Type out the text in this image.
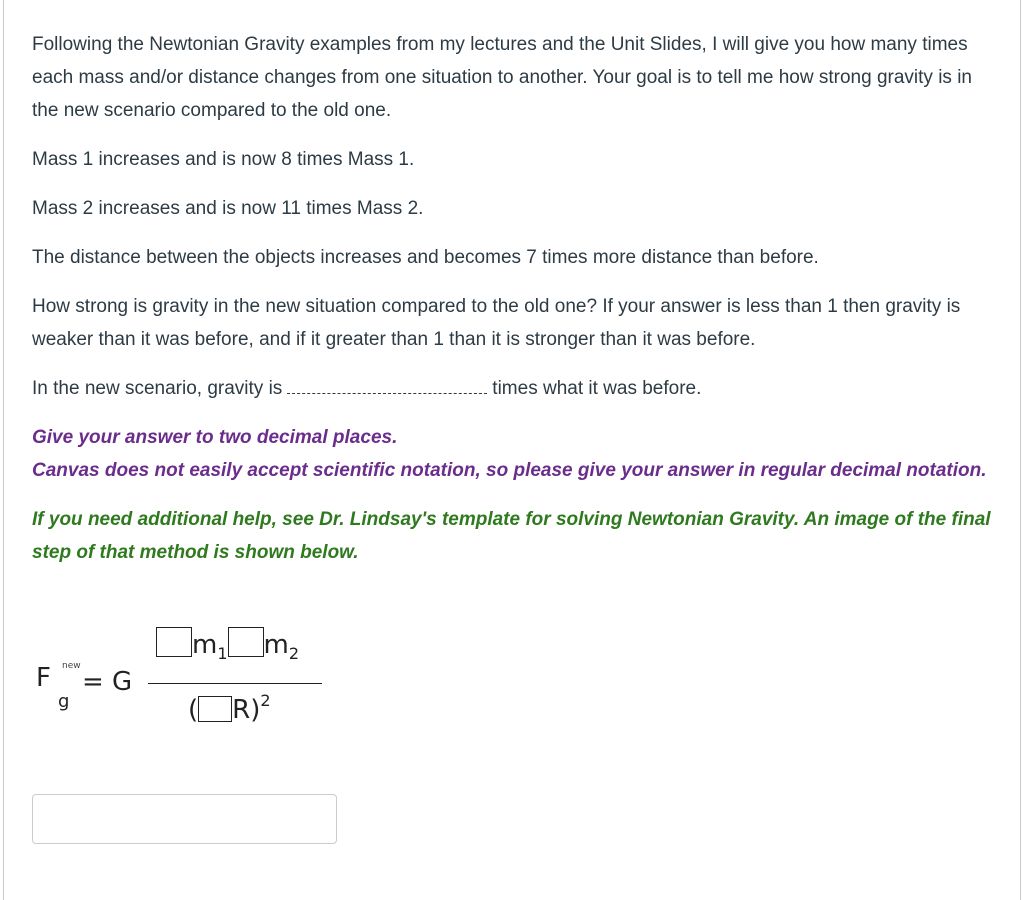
Following the Newtonian Gravity examples from my lectures and the Unit Slides, I will give you how many times each mass and/or distance changes from one situation to another. Your goal is to tell me how strong gravity is in the new scenario compared to the old one.

Mass 1 increases and is now 8 times Mass 1.

Mass 2 increases and is now 11 times Mass 2.

The distance between the objects increases and becomes 7 times more distance than before.

How strong is gravity in the new situation compared to the old one? If your answer is less than 1 then gravity is weaker than it was before, and if it greater than 1 than it is stronger than it was before.

In the new scenario, gravity is	times what it was before.

Give your answer to two decimal places.

Canvas does not easily accept scientific notation, so please give your answer in regular decimal notation.

If you need additional help, see Dr. Lindsay's template for solving Newtonian Gravity. An image of the final step of that method is shown below.

F new
g
= G
$m_1$ $m_2$
( R)$^2$
